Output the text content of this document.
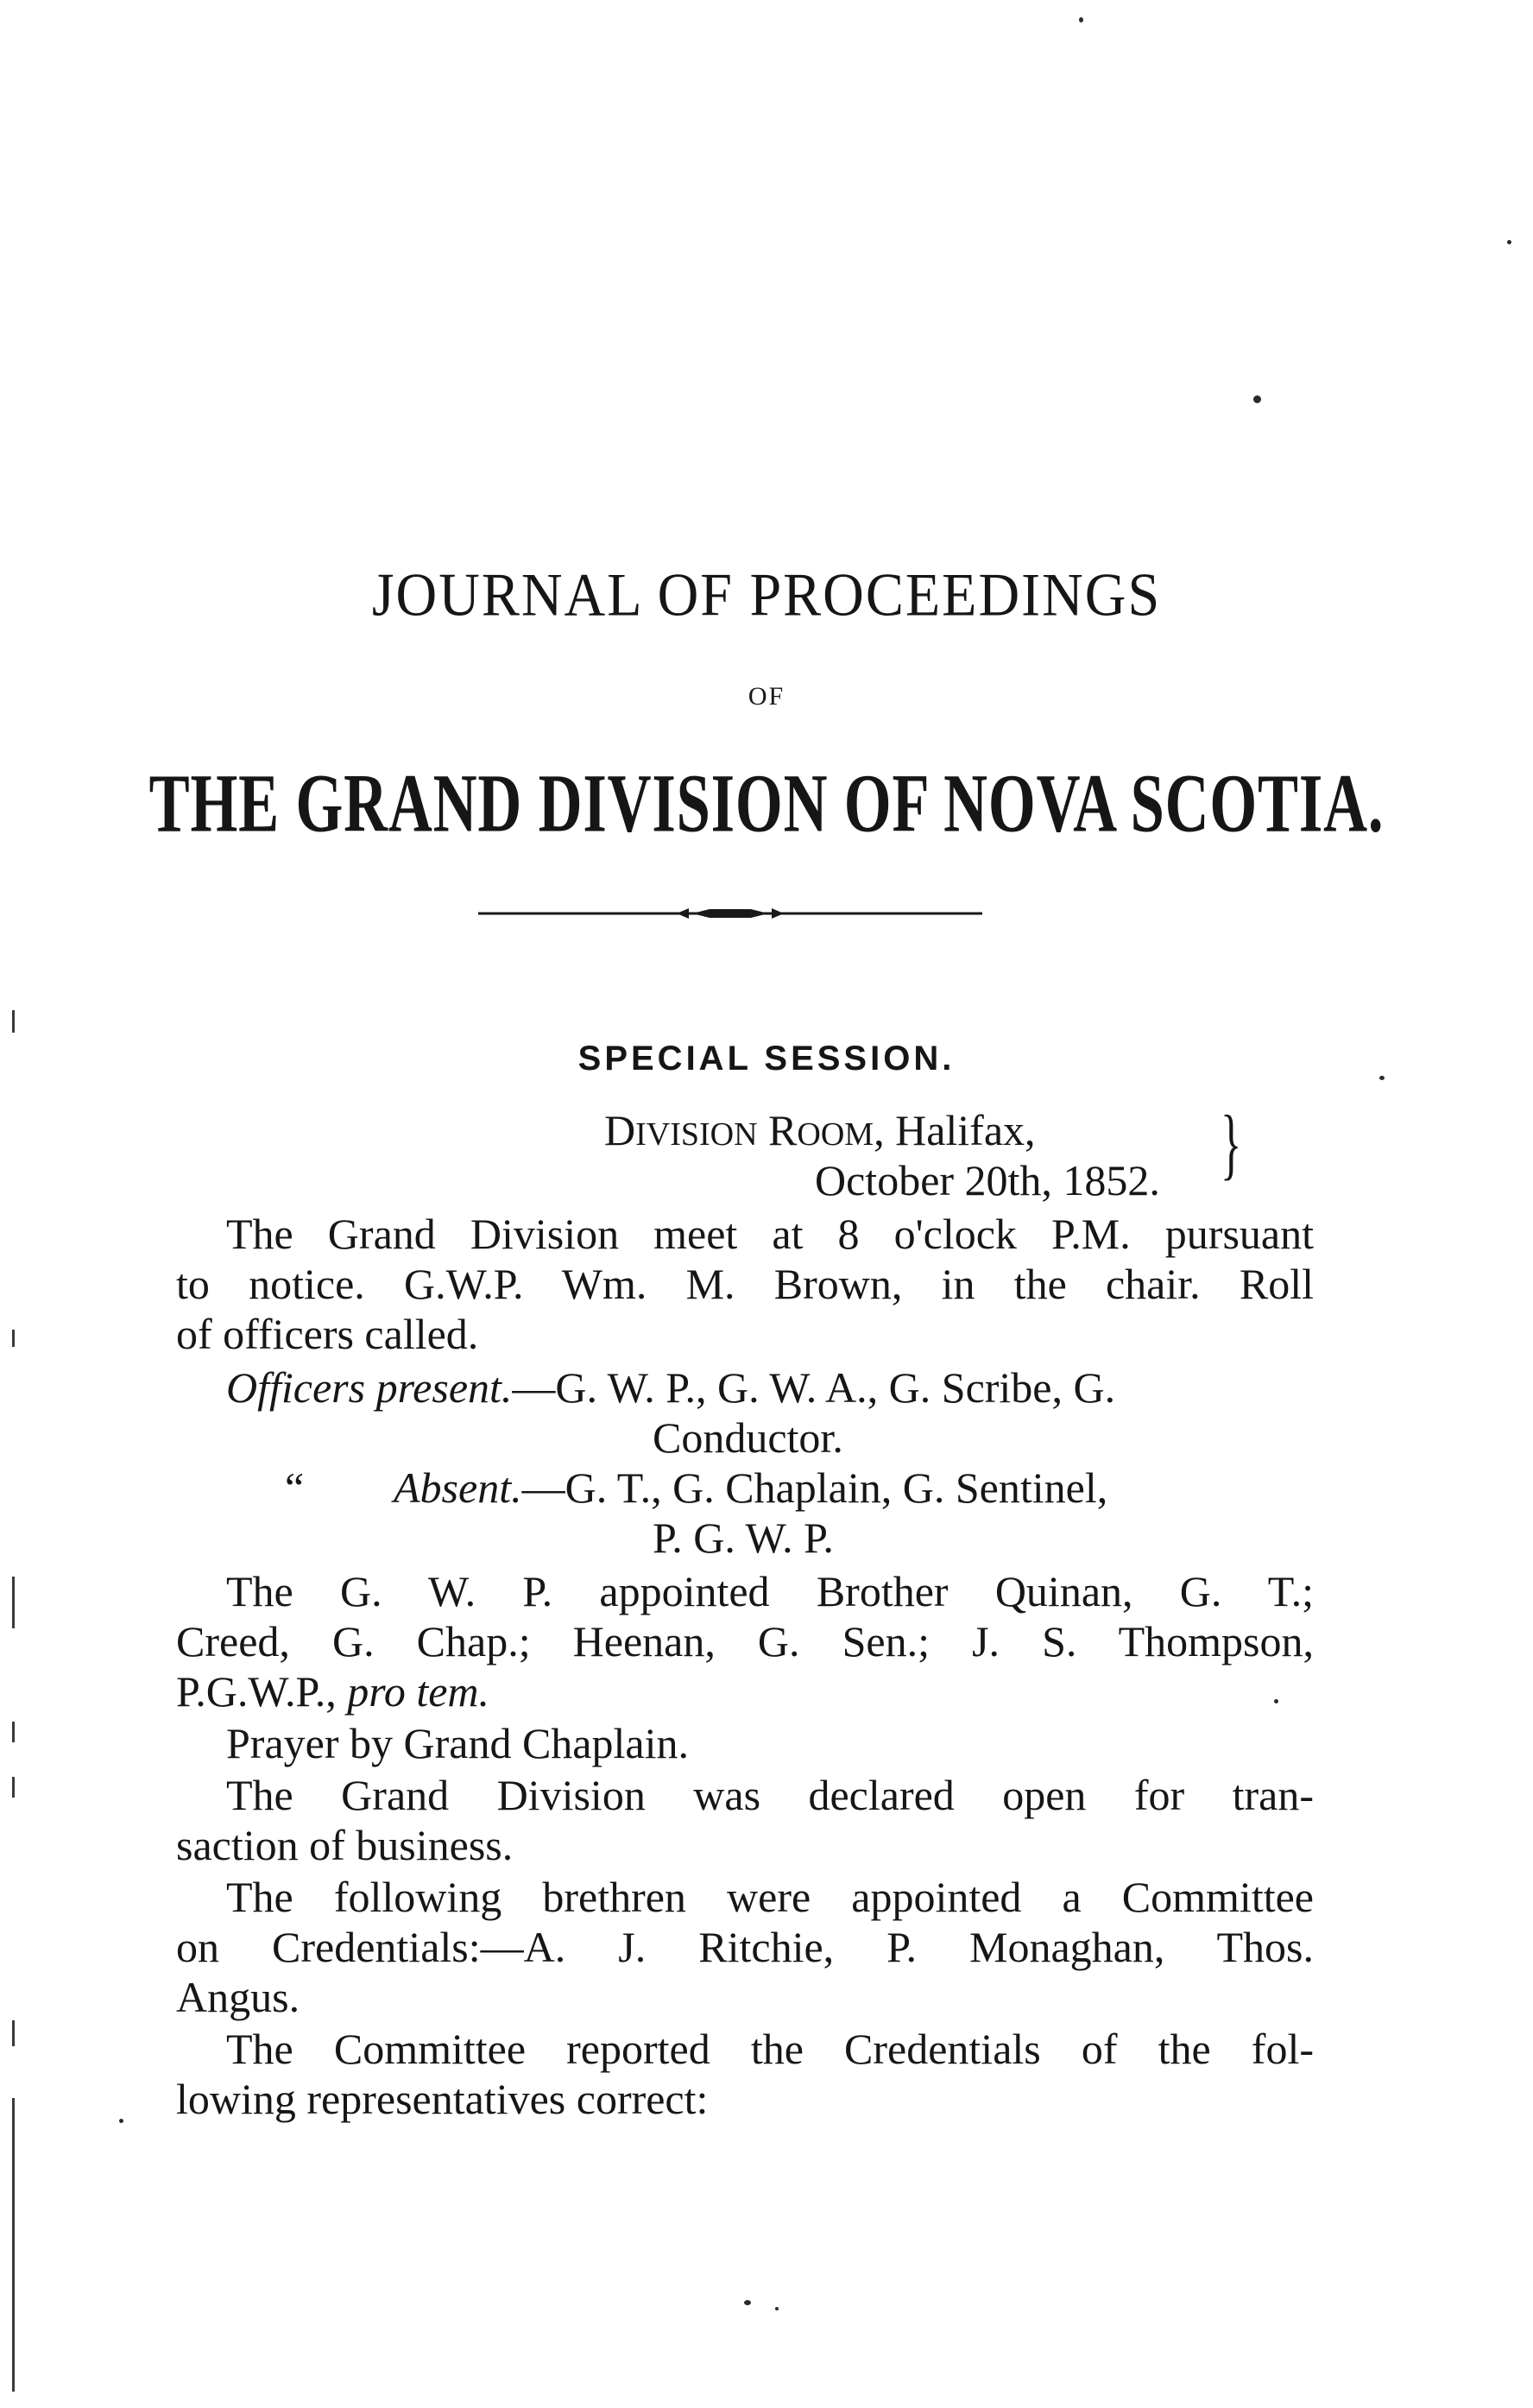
JOURNAL OF PROCEEDINGS
OF
THE GRAND DIVISION OF NOVA SCOTIA.
SPECIAL SESSION.
DIVISION ROOM, Halifax,
October 20th, 1852. }
The Grand Division meet at 8 o'clock P.M. pursuant
to notice. G.W.P. Wm. M. Brown, in the chair. Roll
of officers called.
Officers present.—G. W. P., G. W. A., G. Scribe, G.
Conductor.
“ Absent.—G. T., G. Chaplain, G. Sentinel,
P. G. W. P.
The G. W. P. appointed Brother Quinan, G. T.;
Creed, G. Chap.; Heenan, G. Sen.; J. S. Thompson,
P.G.W.P., pro tem.
Prayer by Grand Chaplain.
The Grand Division was declared open for tran-
saction of business.
The following brethren were appointed a Committee
on Credentials:—A. J. Ritchie, P. Monaghan, Thos.
Angus.
The Committee reported the Credentials of the fol-
lowing representatives correct:
